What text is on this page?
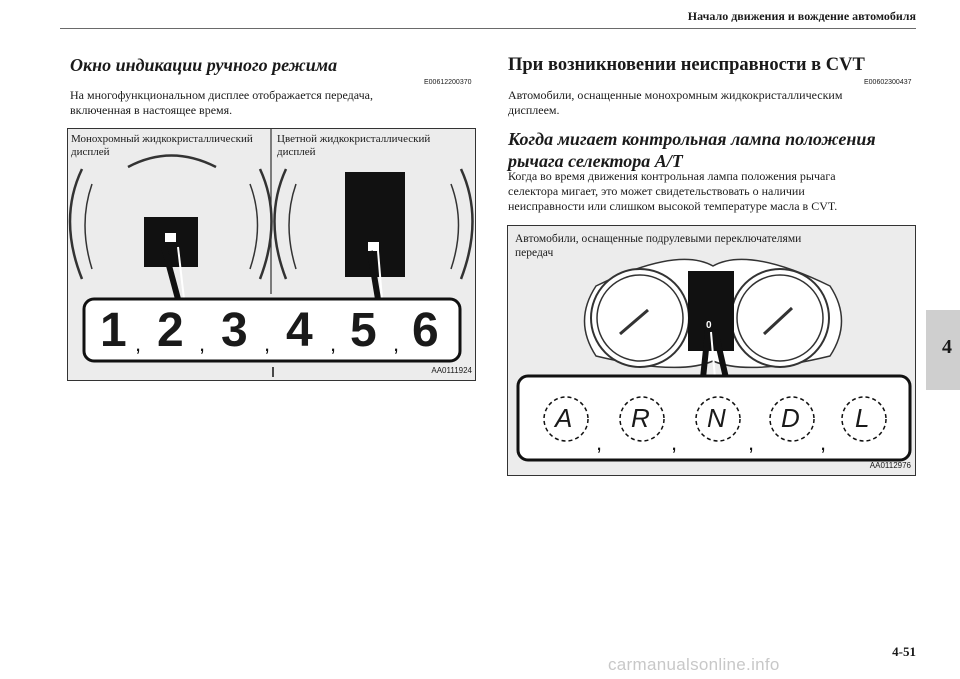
Начало движения и вождение автомобиля
4
Окно индикации ручного режима
E00612200370
На многофункциональном дисплее отображается передача,
включенная в настоящее время.
,	,	,	,	,
1 2 3 4 5 6
Монохромный жидкокристаллический
дисплей
Цветной жидкокристаллический
дисплей
AA0111924
При возникновении неисправности в CVT
E00602300437
Автомобили, оснащенные монохромным жидкокристаллическим
дисплеем.
Когда мигает контрольная лампа положения
рычага селектора A/T
Когда во время движения контрольная лампа положения рычага
селектора мигает, это может свидетельствовать о наличии
неисправности или слишком высокой температуре масла в CVT.
,	,	,	,
0
A R N D L
Автомобили, оснащенные подрулевыми переключателями
передач
AA0112976
4-51
carmanualsonline.info
